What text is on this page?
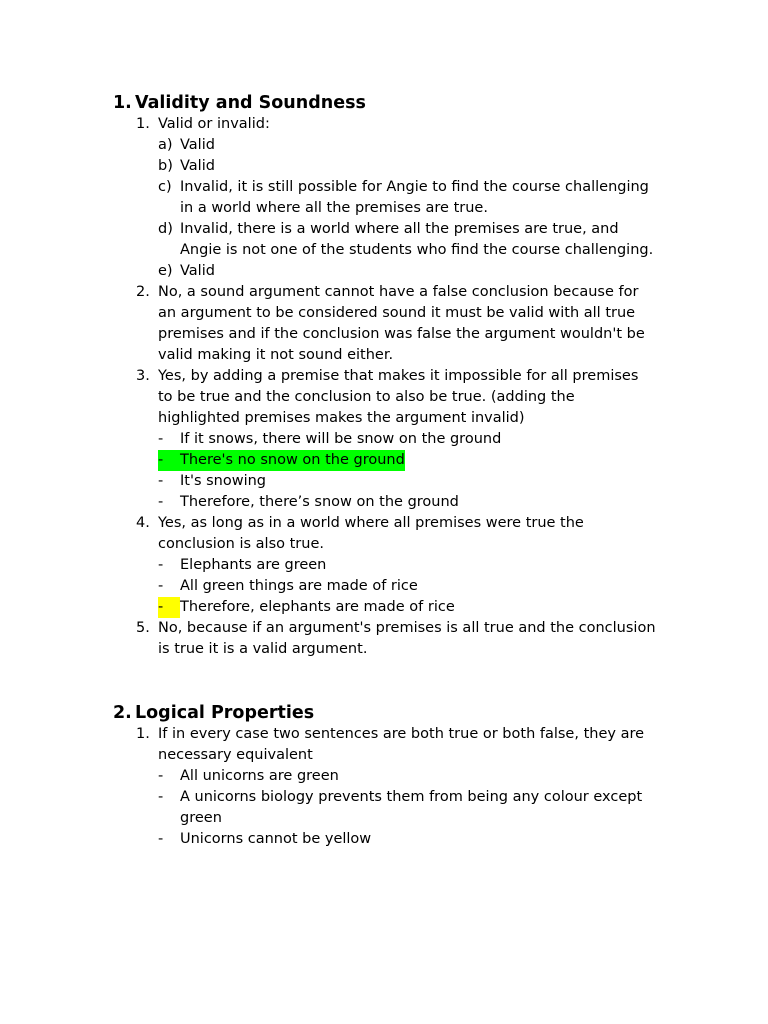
1. Validity and Soundness
1. Valid or invalid:
a) Valid
b) Valid
c) Invalid, it is still possible for Angie to find the course challenging
in a world where all the premises are true.
d) Invalid, there is a world where all the premises are true, and
Angie is not one of the students who find the course challenging.
e) Valid
2. No, a sound argument cannot have a false conclusion because for
an argument to be considered sound it must be valid with all true
premises and if the conclusion was false the argument wouldn't be
valid making it not sound either.
3. Yes, by adding a premise that makes it impossible for all premises
to be true and the conclusion to also be true. (adding the
highlighted premises makes the argument invalid)
-	If it snows, there will be snow on the ground
-	There's no snow on the ground
-	It's snowing
-	Therefore, there’s snow on the ground
4. Yes, as long as in a world where all premises were true the
conclusion is also true.
-	Elephants are green
-	All green things are made of rice
-	Therefore, elephants are made of rice
5. No, because if an argument's premises is all true and the conclusion
is true it is a valid argument.
2. Logical Properties
1. If in every case two sentences are both true or both false, they are
necessary equivalent
-	All unicorns are green
-	A unicorns biology prevents them from being any colour except
green
-	Unicorns cannot be yellow
